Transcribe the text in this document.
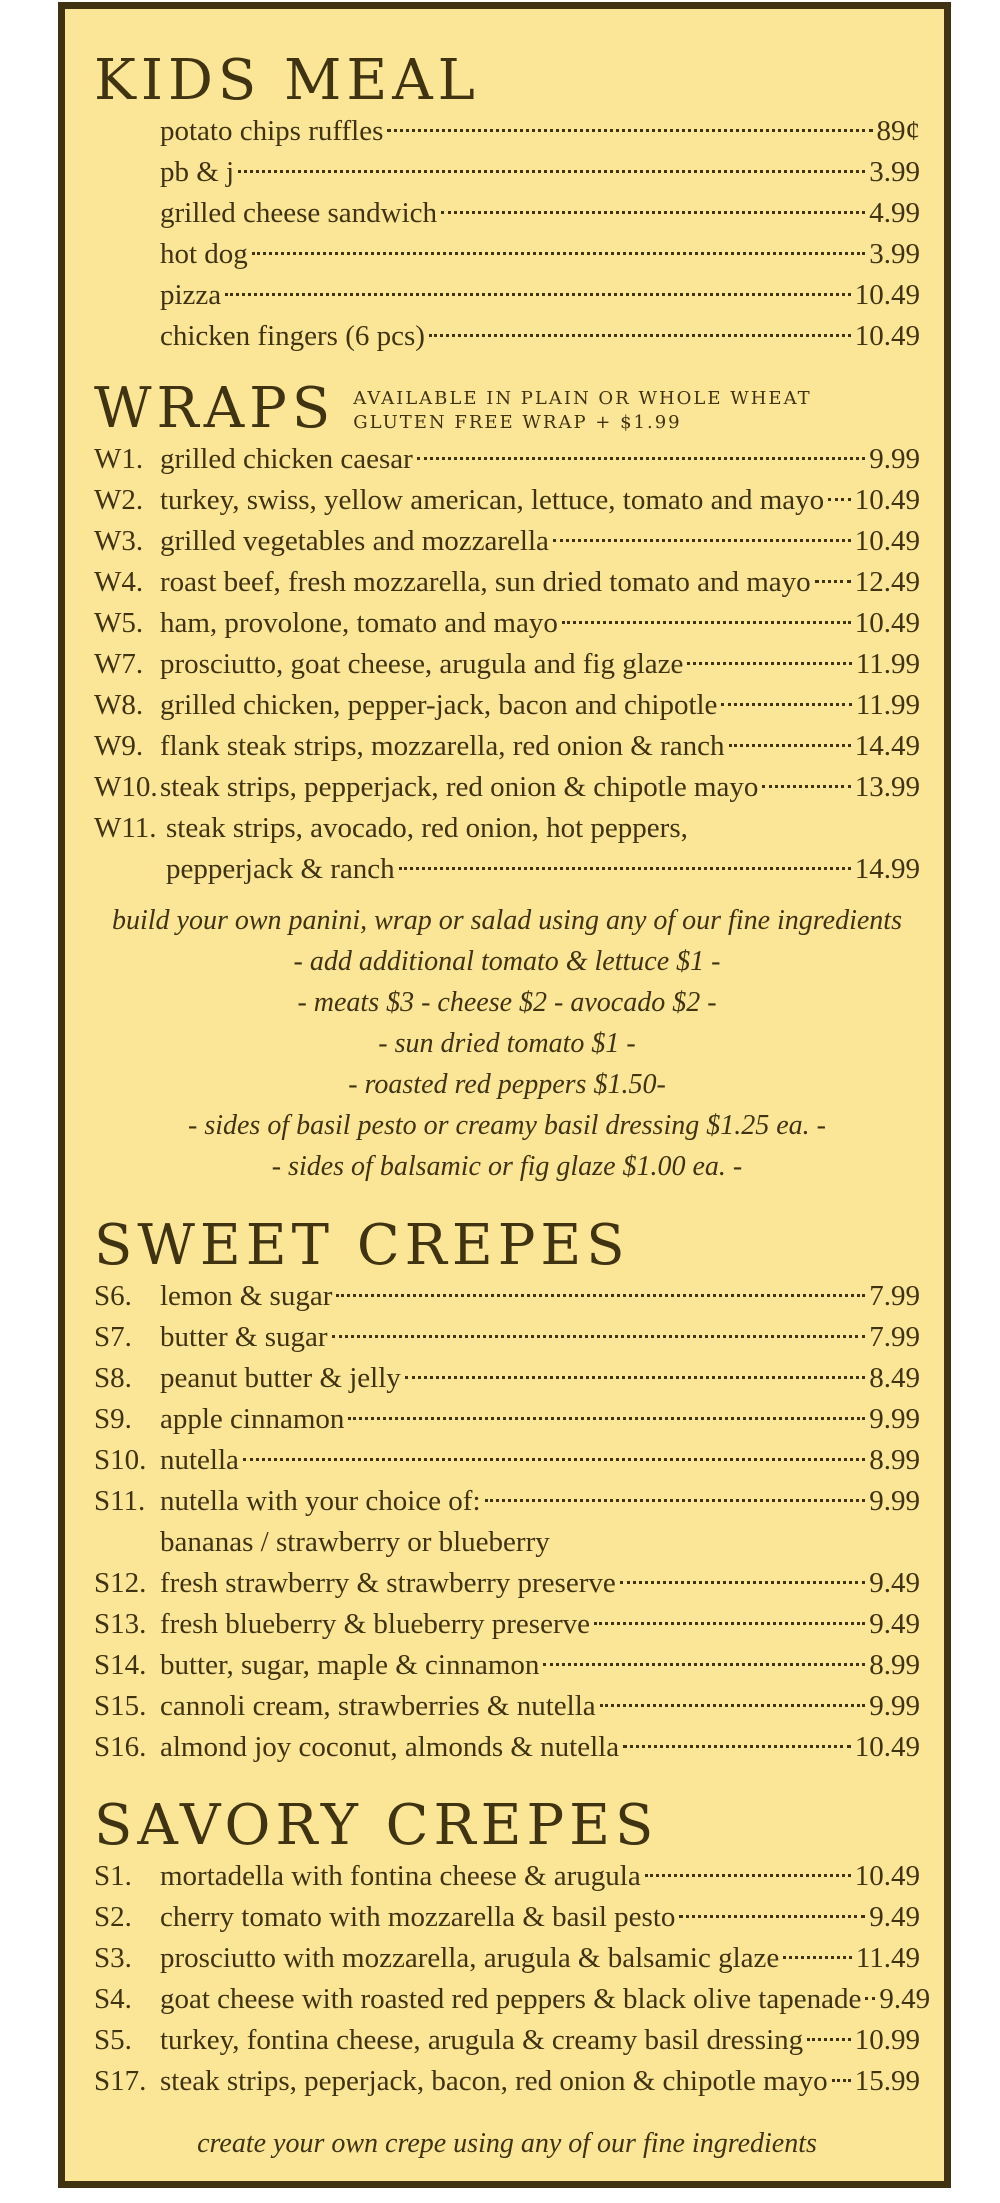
KIDS MEAL
potato chips ruffles	89¢
pb & j	3.99
grilled cheese sandwich	4.99
hot dog	3.99
pizza	10.49
chicken fingers (6 pcs)	10.49
WRAPS AVAILABLE IN PLAIN OR WHOLE WHEAT
GLUTEN FREE WRAP + $1.99
W1. grilled chicken caesar	9.99
W2. turkey, swiss, yellow american, lettuce, tomato and mayo 10.49
W3. grilled vegetables and mozzarella	10.49
W4. roast beef, fresh mozzarella, sun dried tomato and mayo 12.49
W5. ham, provolone, tomato and mayo	10.49
W7. prosciutto, goat cheese, arugula and fig glaze	11.99
W8. grilled chicken, pepper-jack, bacon and chipotle	11.99
W9. flank steak strips, mozzarella, red onion & ranch	14.49
W10. steak strips, pepperjack, red onion & chipotle mayo	13.99
W11. steak strips, avocado, red onion, hot peppers,
pepperjack & ranch	14.99
build your own panini, wrap or salad using any of our fine ingredients
- add additional tomato & lettuce $1 -
- meats $3 - cheese $2 - avocado $2 -
- sun dried tomato $1 -
- roasted red peppers $1.50-
- sides of basil pesto or creamy basil dressing $1.25 ea. -
- sides of balsamic or fig glaze $1.00 ea. -
SWEET CREPES
S6. lemon & sugar	7.99
S7. butter & sugar	7.99
S8. peanut butter & jelly	8.49
S9. apple cinnamon	9.99
S10. nutella	8.99
S11. nutella with your choice of:	9.99
bananas / strawberry or blueberry
S12. fresh strawberry & strawberry preserve	9.49
S13. fresh blueberry & blueberry preserve	9.49
S14. butter, sugar, maple & cinnamon	8.99
S15. cannoli cream, strawberries & nutella	9.99
S16. almond joy coconut, almonds & nutella	10.49
SAVORY CREPES
S1. mortadella with fontina cheese & arugula	10.49
S2. cherry tomato with mozzarella & basil pesto	9.49
S3. prosciutto with mozzarella, arugula & balsamic glaze	11.49
S4. goat cheese with roasted red peppers & black olive tapenade 9.49
S5. turkey, fontina cheese, arugula & creamy basil dressing 10.99
S17. steak strips, peperjack, bacon, red onion & chipotle mayo 15.99
create your own crepe using any of our fine ingredients
